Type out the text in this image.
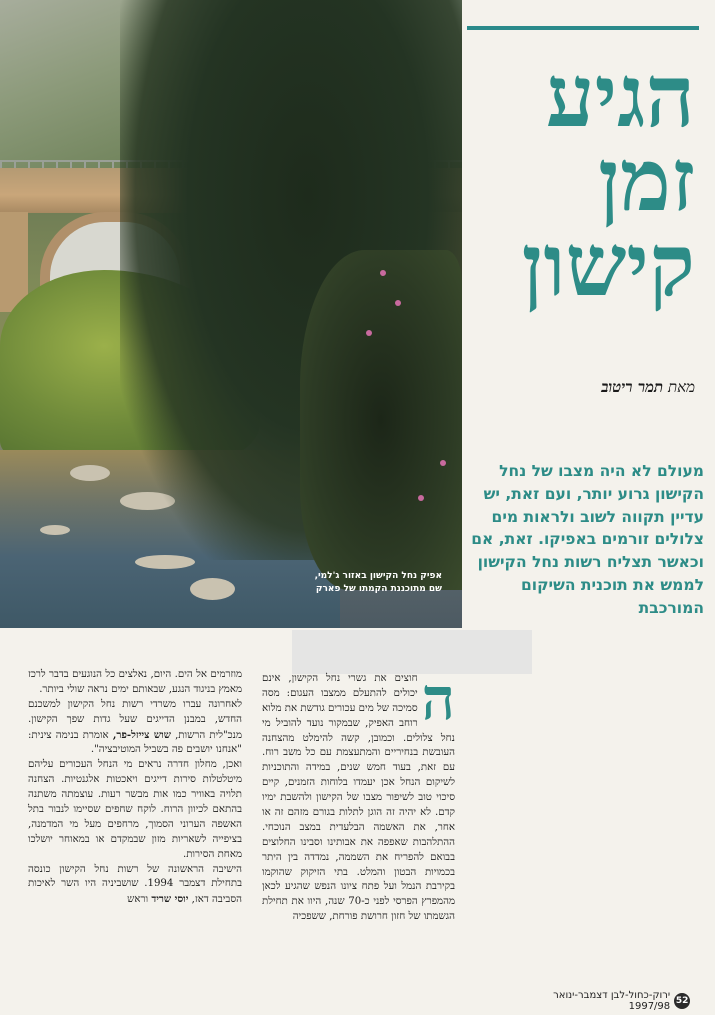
אפיק נחל הקישון באזור ג'למי,
שם מתוכננת הקמתו של פארק
הגיע
זמן
קישון
מאת תמר ריטוב
מעולם לא היה מצבו של נחל הקישון גרוע יותר, ועם זאת, יש עדיין תקווה לשוב ולראות מים צלולים זורמים באפיקו. זאת, אם וכאשר תצליח רשות נחל הקישון לממש את תוכנית השיקום המורכבת
ה
חוצים את גשרי נחל הקישון, אינם יכולים להתעלם ממצבו העגום: מסה סמיכה של מים עכורים גודשת את מלוא רוחב האפיק, שבמקור נועד להוביל מי נחל צלולים. וכמובן, קשה להימלט מהצחנה העובשת בנחיריים והמתעצמת עם כל משב רוח. עם זאת, בעוד חמש שנים, במידה והתוכניות לשיקום הנחל אכן יעמדו בלוחות הזמנים, קיים סיכוי טוב לשיפור מצבו של הקישון ולהשבת ימיו קדם. לא יהיה זה הוגן לתלות בגורם מזהם זה או אחר, את האשמה הבלעדית במצב הנוכחי. ההתלהבות שאפפה את אבותינו וסבינו החלוצים בבואם להפריח את השממה, נמדדה בין היתר בכמויות הבטון והמלט. בתי הזיקוק שהוקמו בקירבת הנמל ועל פתח ציונו הנפש שהגיע לכאן מהמפרץ הפרסי לפני כ-70 שנה, היוו את תחילת הגשמתו של חזון חרושת פורחת, ששפכיה

מוזרמים אל הים. היום, נאלצים כל הנוגעים בדבר לרכז מאמץ בניגוד הנגע, שבאותם ימים נראה שולי ביותר.

לאחרונה עברו משרדי רשות נחל הקישון למשכנם החדש, במבנן הדייגים שעל גדות שפך הקישון. מנכ"לית הרשות, שוש צייזל-פר, אומרת בנימה צינית: "אנחנו יושבים פה בשביל המוטיבציה".

ואכן, מחלון חדרה נראים מי הנחל העכורים עליהם מיטלטלות סירות דייגים ויאכטות אלגנטיות. הצחנה תלויה באוויר כמו אות מבשר רעות. עוצמתה משתנה בהתאם לכיוון הרוח. לוקח שחפים שסיימו לנבור בתל האשפה הערוני הסמוך, מרחפים מעל מי המדמנה, בציפייה לשאריות מזון שבמקדם או במאוחר יושלכו מאחת הסירות.

הישיבה הראשונה של רשות נחל הקישון כונסה בתחילת דצמבר 1994. שושביניה היו השר לאיכות הסביבה דאז, יוסי שריד וראש

52
ירוק-כחול-לבן דצמבר-ינואר 1997/98
